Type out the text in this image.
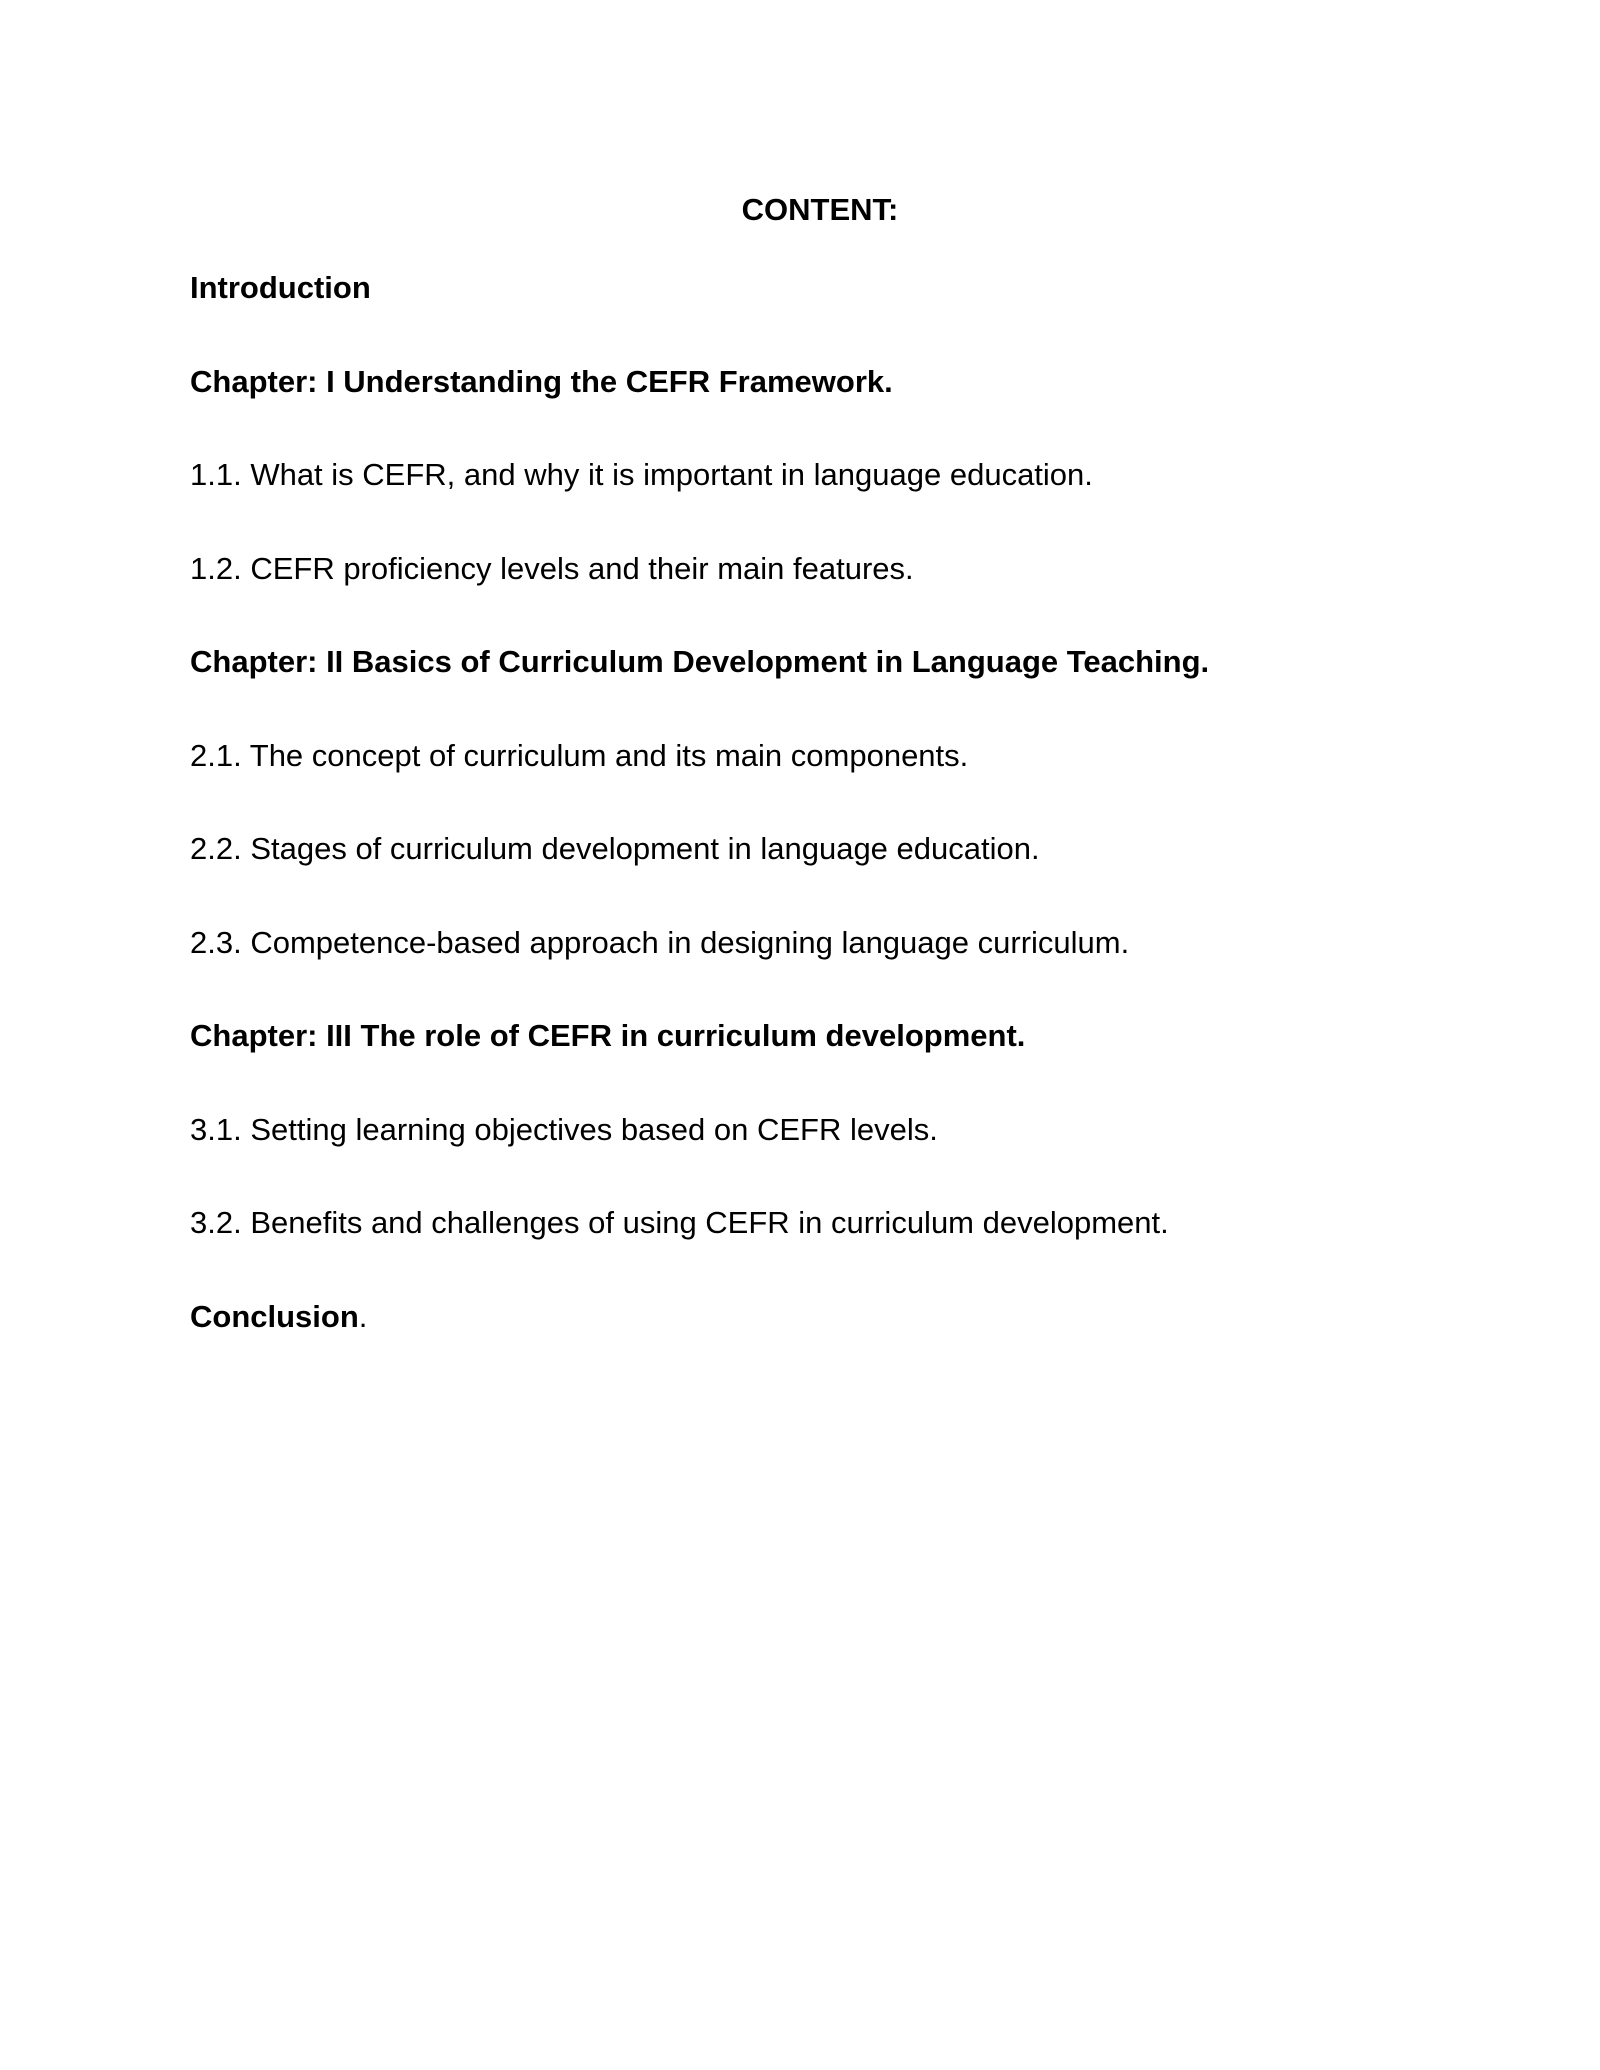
CONTENT:
Introduction
Chapter: I Understanding the CEFR Framework.
1.1. What is CEFR, and why it is important in language education.
1.2. CEFR proficiency levels and their main features.
Chapter: II Basics of Curriculum Development in Language Teaching.
2.1. The concept of curriculum and its main components.
2.2. Stages of curriculum development in language education.
2.3. Competence-based approach in designing language curriculum.
Chapter: III The role of CEFR in curriculum development.
3.1. Setting learning objectives based on CEFR levels.
3.2. Benefits and challenges of using CEFR in curriculum development.
Conclusion.
